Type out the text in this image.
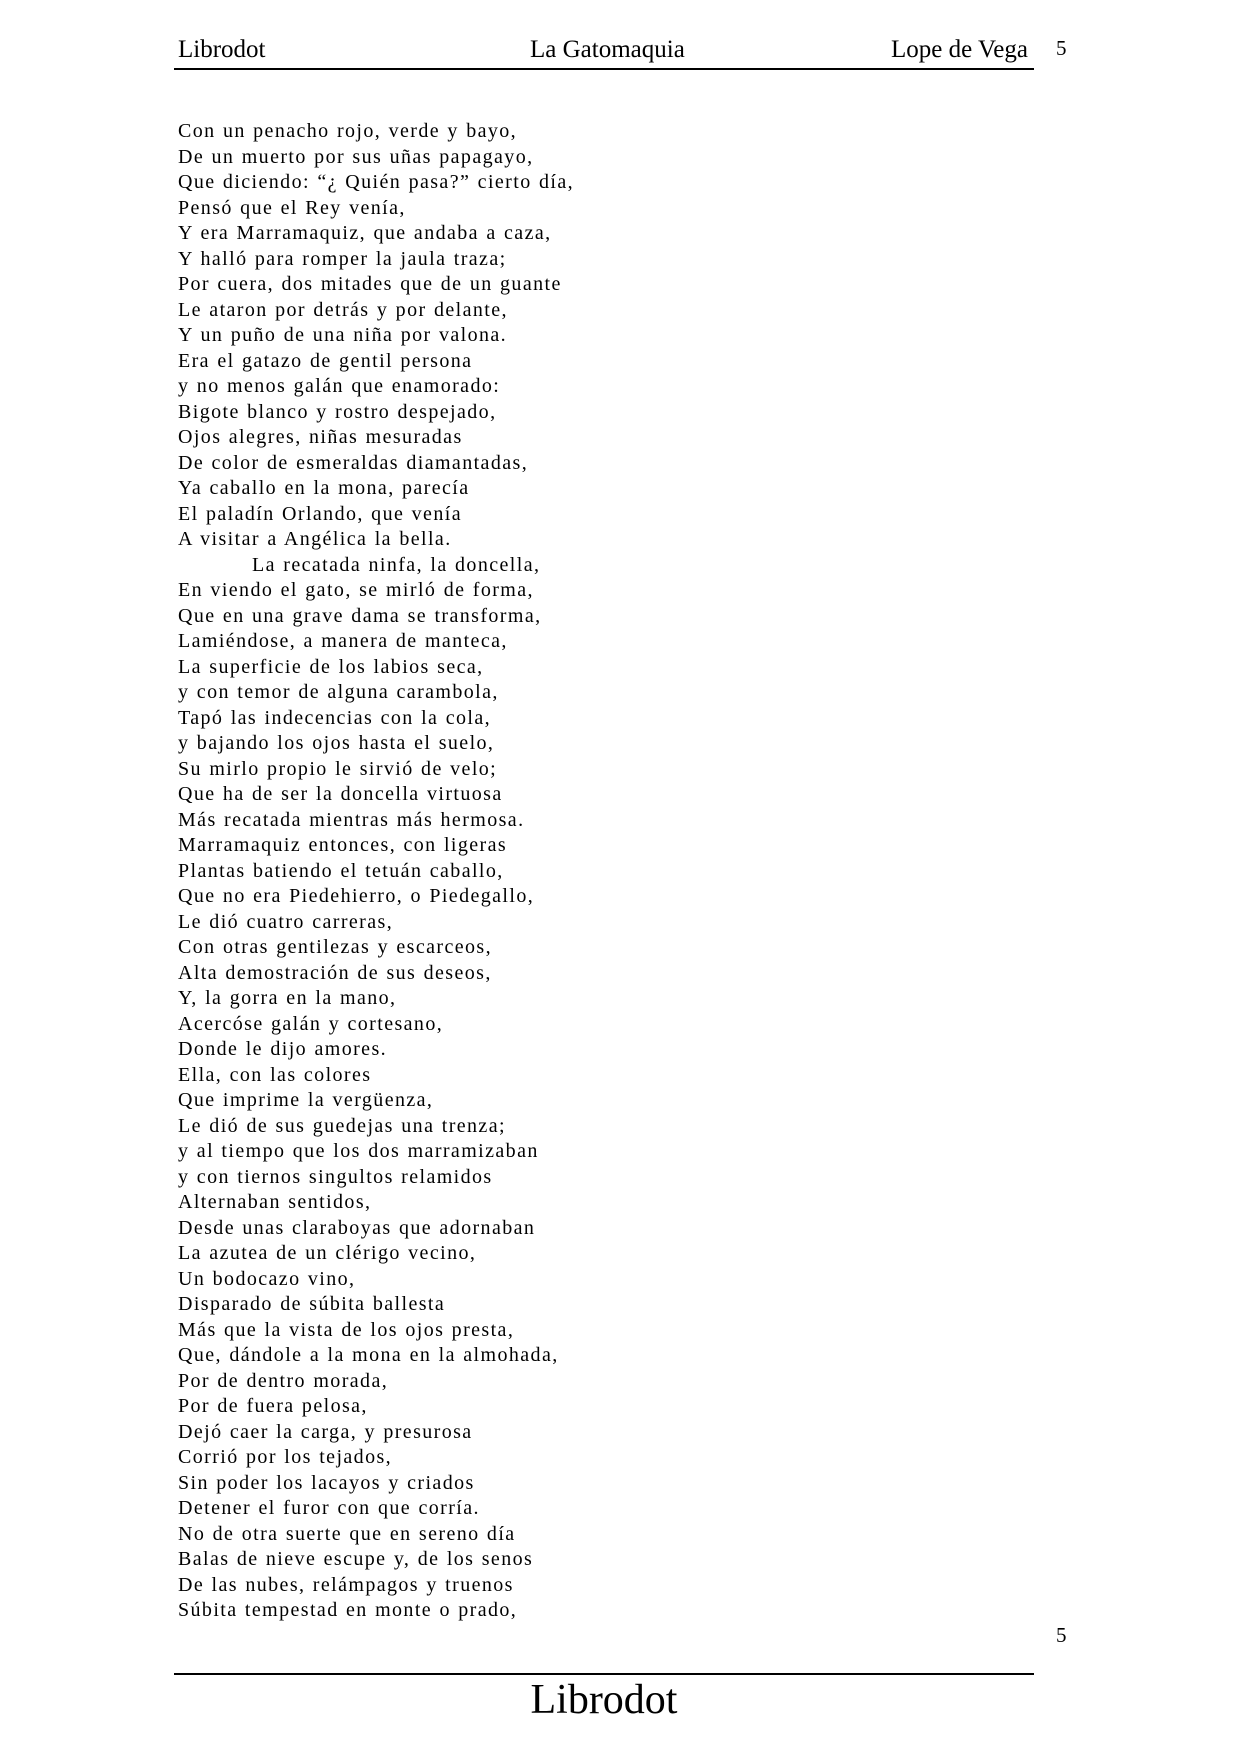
Librodot	La Gatomaquia	Lope de Vega 5
Con un penacho rojo, verde y bayo,
De un muerto por sus uñas papagayo,
Que diciendo: “¿ Quién pasa?” cierto día,
Pensó que el Rey venía,
Y era Marramaquiz, que andaba a caza,
Y halló para romper la jaula traza;
Por cuera, dos mitades que de un guante
Le ataron por detrás y por delante,
Y un puño de una niña por valona.
Era el gatazo de gentil persona
y no menos galán que enamorado:
Bigote blanco y rostro despejado,
Ojos alegres, niñas mesuradas
De color de esmeraldas diamantadas,
Ya caballo en la mona, parecía
El paladín Orlando, que venía
A visitar a Angélica la bella.
La recatada ninfa, la doncella,
En viendo el gato, se mirló de forma,
Que en una grave dama se transforma,
Lamiéndose, a manera de manteca,
La superficie de los labios seca,
y con temor de alguna carambola,
Tapó las indecencias con la cola,
y bajando los ojos hasta el suelo,
Su mirlo propio le sirvió de velo;
Que ha de ser la doncella virtuosa
Más recatada mientras más hermosa.
Marramaquiz entonces, con ligeras
Plantas batiendo el tetuán caballo,
Que no era Piedehierro, o Piedegallo,
Le dió cuatro carreras,
Con otras gentilezas y escarceos,
Alta demostración de sus deseos,
Y, la gorra en la mano,
Acercóse galán y cortesano,
Donde le dijo amores.
Ella, con las colores
Que imprime la vergüenza,
Le dió de sus guedejas una trenza;
y al tiempo que los dos marramizaban
y con tiernos singultos relamidos
Alternaban sentidos,
Desde unas claraboyas que adornaban
La azutea de un clérigo vecino,
Un bodocazo vino,
Disparado de súbita ballesta
Más que la vista de los ojos presta,
Que, dándole a la mona en la almohada,
Por de dentro morada,
Por de fuera pelosa,
Dejó caer la carga, y presurosa
Corrió por los tejados,
Sin poder los lacayos y criados
Detener el furor con que corría.
No de otra suerte que en sereno día
Balas de nieve escupe y, de los senos
De las nubes, relámpagos y truenos
Súbita tempestad en monte o prado,
5
Librodot
